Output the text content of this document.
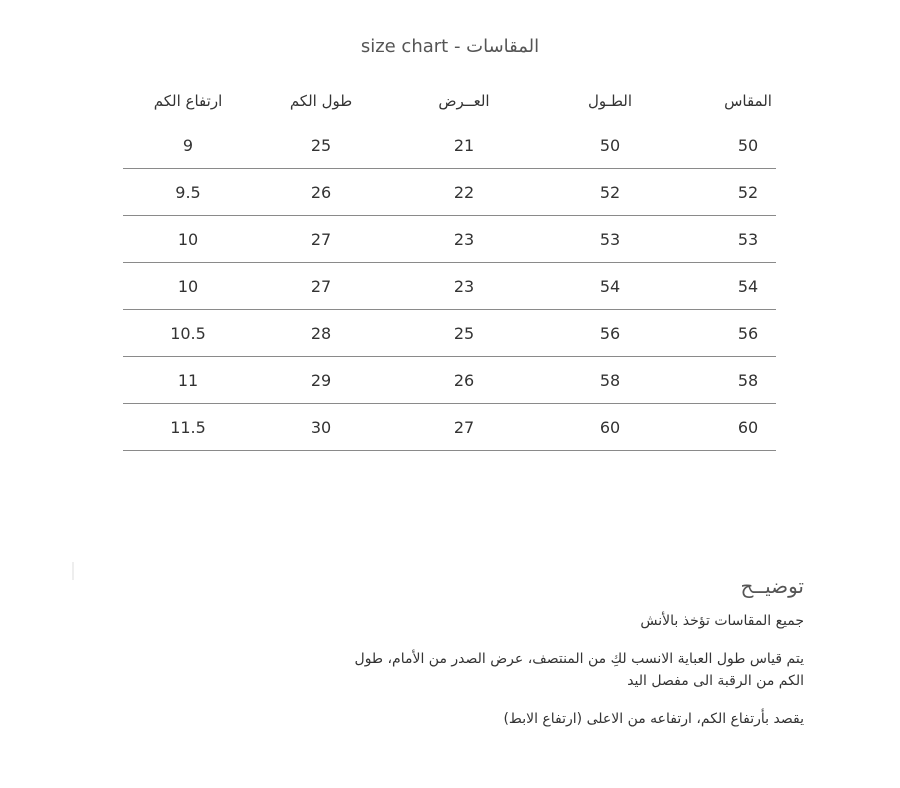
size chart - المقاسات
المقاس
الطـول
العــرض
طول الكم
ارتفاع الكم
50
50
21
25
9
52
52
22
26
9.5
53
53
23
27
10
54
54
23
27
10
56
56
25
28
10.5
58
58
26
29
11
60
60
27
30
11.5
توضيــح

جميع المقاسات تؤخذ بالأنش

يتم قياس طول العباية الانسب لكِ من المنتصف، عرض الصدر من الأمام، طول الكم من الرقبة الى مفصل اليد

يقصد بأرتفاع الكم، ارتفاعه من الاعلى (ارتفاع الابط)
